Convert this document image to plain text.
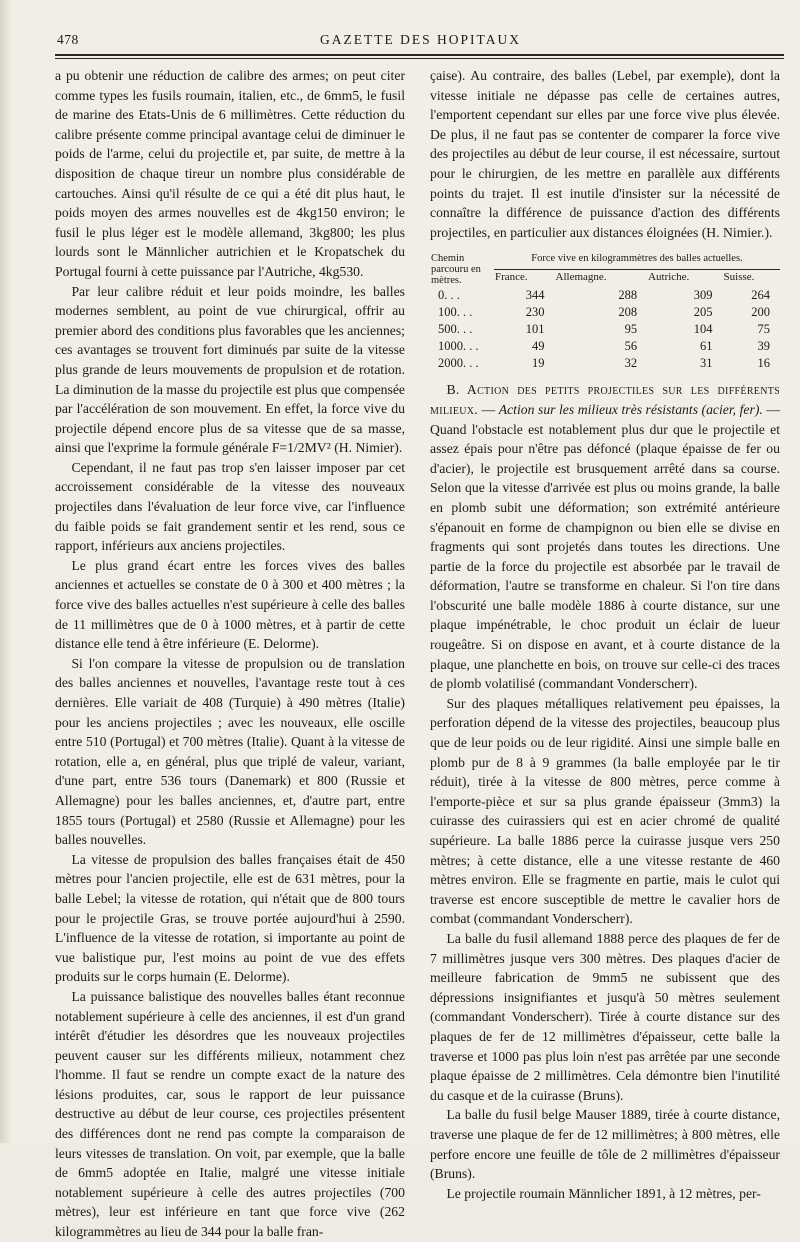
478	GAZETTE DES HOPITAUX

a pu obtenir une réduction de calibre des armes; on peut citer comme types les fusils roumain, italien, etc., de 6mm5, le fusil de marine des Etats-Unis de 6 millimètres. Cette réduction du calibre présente comme principal avantage celui de diminuer le poids de l'arme, celui du projectile et, par suite, de mettre à la disposition de chaque tireur un nombre plus considérable de cartouches. Ainsi qu'il résulte de ce qui a été dit plus haut, le poids moyen des armes nouvelles est de 4kg150 environ; le fusil le plus léger est le modèle allemand, 3kg800; les plus lourds sont le Männlicher autrichien et le Kropatschek du Portugal fourni à cette puissance par l'Autriche, 4kg530.

Par leur calibre réduit et leur poids moindre, les balles modernes semblent, au point de vue chirurgical, offrir au premier abord des conditions plus favorables que les anciennes; ces avantages se trouvent fort diminués par suite de la vitesse plus grande de leurs mouvements de propulsion et de rotation. La diminution de la masse du projectile est plus que compensée par l'accélération de son mouvement. En effet, la force vive du projectile dépend encore plus de sa vitesse que de sa masse, ainsi que l'exprime la formule générale F=1/2MV² (H. Nimier).

Cependant, il ne faut pas trop s'en laisser imposer par cet accroissement considérable de la vitesse des nouveaux projectiles dans l'évaluation de leur force vive, car l'influence du faible poids se fait grandement sentir et les rend, sous ce rapport, inférieurs aux anciens projectiles.

Le plus grand écart entre les forces vives des balles anciennes et actuelles se constate de 0 à 300 et 400 mètres ; la force vive des balles actuelles n'est supérieure à celle des balles de 11 millimètres que de 0 à 1000 mètres, et à partir de cette distance elle tend à être inférieure (E. Delorme).

Si l'on compare la vitesse de propulsion ou de translation des balles anciennes et nouvelles, l'avantage reste tout à ces dernières. Elle variait de 408 (Turquie) à 490 mètres (Italie) pour les anciens projectiles ; avec les nouveaux, elle oscille entre 510 (Portugal) et 700 mètres (Italie). Quant à la vitesse de rotation, elle a, en général, plus que triplé de valeur, variant, d'une part, entre 536 tours (Danemark) et 800 (Russie et Allemagne) pour les balles anciennes, et, d'autre part, entre 1855 tours (Portugal) et 2580 (Russie et Allemagne) pour les balles nouvelles.

La vitesse de propulsion des balles françaises était de 450 mètres pour l'ancien projectile, elle est de 631 mètres, pour la balle Lebel; la vitesse de rotation, qui n'était que de 800 tours pour le projectile Gras, se trouve portée aujourd'hui à 2590. L'influence de la vitesse de rotation, si importante au point de vue balistique pur, l'est moins au point de vue des effets produits sur le corps humain (E. Delorme).

La puissance balistique des nouvelles balles étant reconnue notablement supérieure à celle des anciennes, il est d'un grand intérêt d'étudier les désordres que les nouveaux projectiles peuvent causer sur les différents milieux, notamment chez l'homme. Il faut se rendre un compte exact de la nature des lésions produites, car, sous le rapport de leur puissance destructive au début de leur course, ces projectiles présentent des différences dont ne rend pas compte la comparaison de leurs vitesses de translation. On voit, par exemple, que la balle de 6mm5 adoptée en Italie, malgré une vitesse initiale notablement supérieure à celle des autres projectiles (700 mètres), leur est inférieure en tant que force vive (262 kilogrammètres au lieu de 344 pour la balle fran-

çaise). Au contraire, des balles (Lebel, par exemple), dont la vitesse initiale ne dépasse pas celle de certaines autres, l'emportent cependant sur elles par une force vive plus élevée. De plus, il ne faut pas se contenter de comparer la force vive des projectiles au début de leur course, il est nécessaire, surtout pour le chirurgien, de les mettre en parallèle aux différents points du trajet. Il est inutile d'insister sur la nécessité de connaître la différence de puissance d'action des différents projectiles, en particulier aux distances éloignées (H. Nimier.).

Chemin parcouru en mètres.	Force vive en kilogrammètres des balles actuelles.			
	France.	Allemagne.	Autriche.	Suisse.
0. . .	344	288	309	264
100. . .	230	208	205	200
500. . .	101	95	104	75
1000. . .	49	56	61	39
2000. . .	19	32	31	16

B. Action des petits projectiles sur les différents milieux. — Action sur les milieux très résistants (acier, fer). — Quand l'obstacle est notablement plus dur que le projectile et assez épais pour n'être pas défoncé (plaque épaisse de fer ou d'acier), le projectile est brusquement arrêté dans sa course. Selon que la vitesse d'arrivée est plus ou moins grande, la balle en plomb subit une déformation; son extrémité antérieure s'épanouit en forme de champignon ou bien elle se divise en fragments qui sont projetés dans toutes les directions. Une partie de la force du projectile est absorbée par le travail de déformation, l'autre se transforme en chaleur. Si l'on tire dans l'obscurité une balle modèle 1886 à courte distance, sur une plaque impénétrable, le choc produit un éclair de lueur rougeâtre. Si on dispose en avant, et à courte distance de la plaque, une planchette en bois, on trouve sur celle-ci des traces de plomb volatilisé (commandant Vonderscherr).

Sur des plaques métalliques relativement peu épaisses, la perforation dépend de la vitesse des projectiles, beaucoup plus que de leur poids ou de leur rigidité. Ainsi une simple balle en plomb pur de 8 à 9 grammes (la balle employée par le tir réduit), tirée à la vitesse de 800 mètres, perce comme à l'emporte-pièce et sur sa plus grande épaisseur (3mm3) la cuirasse des cuirassiers qui est en acier chromé de qualité supérieure. La balle 1886 perce la cuirasse jusque vers 250 mètres; à cette distance, elle a une vitesse restante de 460 mètres environ. Elle se fragmente en partie, mais le culot qui traverse est encore susceptible de mettre le cavalier hors de combat (commandant Vonderscherr).

La balle du fusil allemand 1888 perce des plaques de fer de 7 millimètres jusque vers 300 mètres. Des plaques d'acier de meilleure fabrication de 9mm5 ne subissent que des dépressions insignifiantes et jusqu'à 50 mètres seulement (commandant Vonderscherr). Tirée à courte distance sur des plaques de fer de 12 millimètres d'épaisseur, cette balle la traverse et 1000 pas plus loin n'est pas arrêtée par une seconde plaque épaisse de 2 millimètres. Cela démontre bien l'inutilité du casque et de la cuirasse (Bruns).

La balle du fusil belge Mauser 1889, tirée à courte distance, traverse une plaque de fer de 12 millimètres; à 800 mètres, elle perfore encore une feuille de tôle de 2 millimètres d'épaisseur (Bruns).

Le projectile roumain Männlicher 1891, à 12 mètres, per-
